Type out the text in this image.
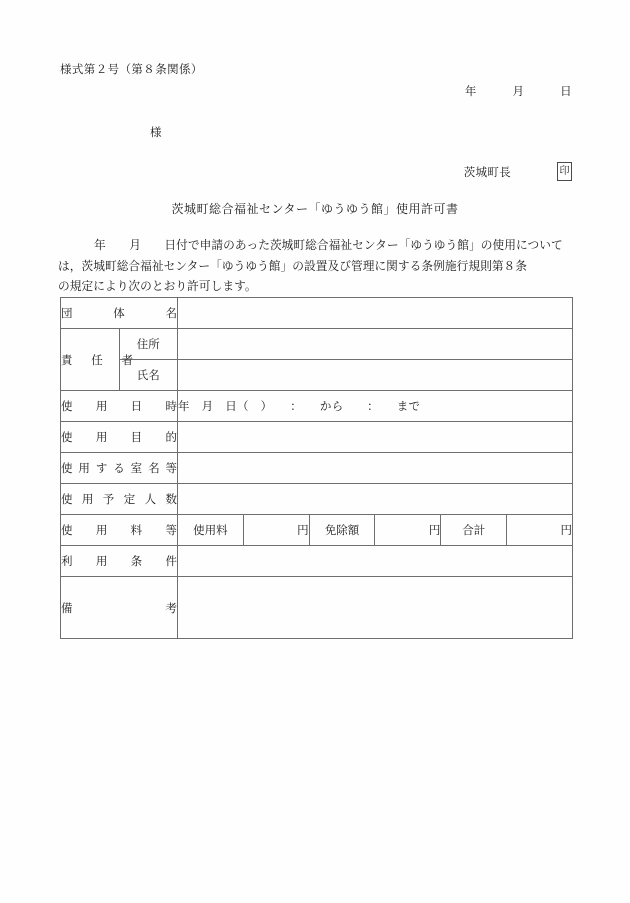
様式第２号（第８条関係）
年　　　月　　　日
様
茨城町長	印
茨城町総合福祉センター「ゆうゆう館」使用許可書
年　　月　　日付で申請のあった茨城町総合福祉センター「ゆうゆう館」の使用について
は，茨城町総合福祉センター「ゆうゆう館」の設置及び管理に関する条例施行規則第８条
の規定により次のとおり許可します。
団体名							
責任者	住所						
	氏名						
使用日時		年　月　日（　）　　：　　から　　：　　まで					
使用目的							
使用する室名等							
使用予定人数							
使用料等		使用料	円	免除額	円	合計	円
利用条件							
備考							
